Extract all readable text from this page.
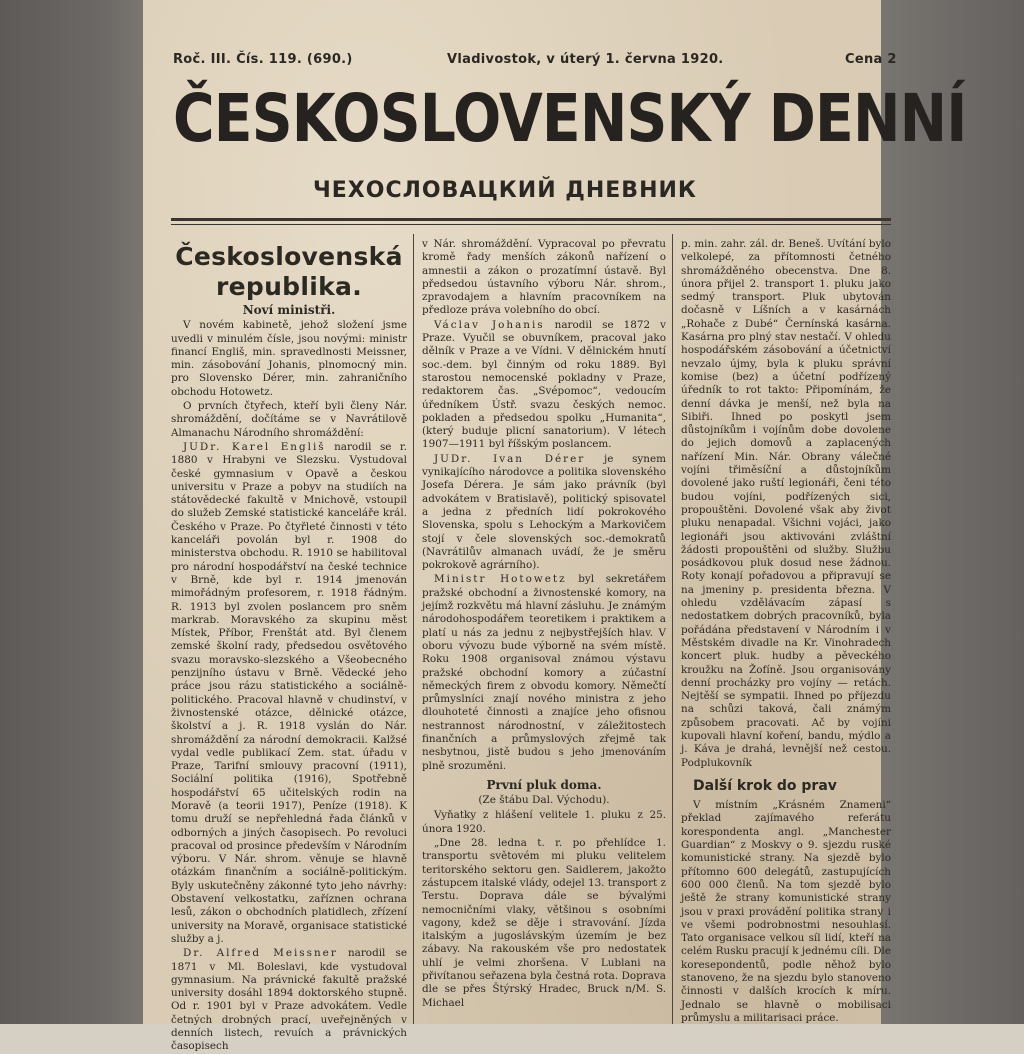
Roč. III. Čís. 119. (690.)	Vladivostok, v úterý 1. června 1920.	Cena 2
ČESKOSLOVENSKÝ DENNÍ
ЧЕХОСЛОВАЦКИЙ ДНЕВНИК
Československá republika.
Noví ministři.

V novém kabinetě, jehož složení jsme uvedli v minulém čísle, jsou novými: ministr financí Engliš, min. spravedlnosti Meissner, min. zásobování Johanis, plnomocný min. pro Slovensko Dérer, min. zahraničního obchodu Hotowetz.

O prvních čtyřech, kteří byli členy Nár. shromáždění, dočítáme se v Navrátilově Almanachu Národního shromáždění:

JUDr. Karel Engliš narodil se r. 1880 v Hrabyni ve Slezsku. Vystudoval české gymnasium v Opavě a českou universitu v Praze a pobyv na studiích na státovědecké fakultě v Mnichově, vstoupil do služeb Zemské statistické kanceláře král. Českého v Praze. Po čtyřleté činnosti v této kanceláři povolán byl r. 1908 do ministerstva obchodu. R. 1910 se habilitoval pro národní hospodářství na české technice v Brně, kde byl r. 1914 jmenován mimořádným profesorem, r. 1918 řádným. R. 1913 byl zvolen poslancem pro sněm markrab. Moravského za skupinu měst Místek, Příbor, Frenštát atd. Byl členem zemské školní rady, předsedou osvětového svazu moravsko-slezského a Všeobecného penzijního ústavu v Brně. Vědecké jeho práce jsou rázu statistického a sociálně-politického. Pracoval hlavně v chudinství, v živnostenské otázce, dělnické otázce, školství a j. R. 1918 vyslán do Nár. shromáždění za národní demokracii. Kalžsé vydal vedle publikací Zem. stat. úřadu v Praze, Tarifní smlouvy pracovní (1911), Sociální politika (1916), Spotřebně hospodářství 65 učitelských rodin na Moravě (a teorii 1917), Peníze (1918). K tomu druží se nepřehledná řada článků v odborných a jiných časopisech. Po revoluci pracoval od prosince především v Národním výboru. V Nár. shrom. věnuje se hlavně otázkám finančním a sociálně-politickým. Byly uskutečněny zákonné tyto jeho návrhy: Obstavení velkostatku, zaříznen ochrana lesů, zákon o obchodních platidlech, zřízení university na Moravě, organisace statistické služby a j.

Dr. Alfred Meissner narodil se 1871 v Ml. Boleslavi, kde vystudoval gymnasium. Na právnické fakultě pražské university dosáhl 1894 doktorského stupně. Od r. 1901 byl v Praze advokátem. Vedle četných drobných prací, uveřejněných v denních listech, revuích a právnických časopisech

v Nár. shromáždění. Vypracoval po převratu kromě řady menších zákonů nařízení o amnestii a zákon o prozatímní ústavě. Byl předsedou ústavního výboru Nár. shrom., zpravodajem a hlavním pracovníkem na předloze práva volebního do obcí.

Václav Johanis narodil se 1872 v Praze. Vyučil se obuvníkem, pracoval jako dělník v Praze a ve Vídni. V dělnickém hnutí soc.-dem. byl činným od roku 1889. Byl starostou nemocenské pokladny v Praze, redaktorem čas. „Svépomoc“, vedoucím úředníkem Ústř. svazu českých nemoc. pokladen a předsedou spolku „Humanita“, (který buduje plicní sanatorium). V létech 1907—1911 byl říšským poslancem.

JUDr. Ivan Dérer je synem vynikajícího národovce a politika slovenského Josefa Dérera. Je sám jako právník (byl advokátem v Bratislavě), politický spisovatel a jedna z předních lidí pokrokového Slovenska, spolu s Lehockým a Markovičem stojí v čele slovenských soc.-demokratů (Navrátilův almanach uvádí, že je směru pokrokově agrárního).

Ministr Hotowetz byl sekretářem pražské obchodní a živnostenské komory, na jejímž rozkvětu má hlavní zásluhu. Je známým národohospodářem teoretikem i praktikem a platí u nás za jednu z nejbystřejších hlav. V oboru vývozu bude výborně na svém místě. Roku 1908 organisoval známou výstavu pražské obchodní komory a zúčastní německých firem z obvodu komory. Němečtí průmyslníci znají nového ministra z jeho dlouhoteté činnosti a znajíce jeho ofisnou nestrannost národnostní, v záležitostech finančních a průmyslových zřejmě tak nesbytnou, jistě budou s jeho jmenováním plně srozuměni.

První pluk doma.
(Ze štábu Dal. Východu).

Vyňatky z hlášení velitele 1. pluku z 25. února 1920.

„Dne 28. ledna t. r. po přehlídce 1. transportu světovém mi pluku velitelem teritorského sektoru gen. Saidlerem, jakožto zástupcem italské vlády, odejel 13. transport z Terstu. Doprava dále se bývalými nemocničními vlaky, většinou s osobními vagony, kdež se děje i stravování. Jízda italským a jugoslávským územím je bez zábavy. Na rakouském vše pro nedostatek uhlí je velmi zhoršena. V Lublani na přivítanou seřazena byla čestná rota. Doprava dle se přes Štýrský Hradec, Bruck n/M. S. Michael

p. min. zahr. zál. dr. Beneš. Uvítání bylo velkolepé, za přítomnosti četného shromážděného obecenstva. Dne 8. února přijel 2. transport 1. pluku jako sedmý transport. Pluk ubytován dočasně v Líšních a v kasárnách „Rohače z Dubé“ Černínská kasárna. Kasárna pro plný stav nestačí. V ohledu hospodářském zásobování a účetnictví nevzalo újmy, byla k pluku správní komise (bez) a účetní podřízený úředník to rot takto: Připomínám, že denní dávka je menší, než byla na Sibiři. Ihned po poskytl jsem důstojníkům i vojínům dobe dovolene do jejich domovů a zaplacených nařízení Min. Nár. Obrany válečné vojíni třiměsíční a důstojníkům dovolené jako ruští legionáři, čeni této budou vojíni, podřízených sici, propouštěni. Dovolené však aby život pluku nenapadal. Všichni vojáci, jako legionáři jsou aktivováni zvláštní žádosti propouštěni od služby. Službu posádkovou pluk dosud nese žádnou. Roty konají pořadovou a připravují se na jmeniny p. presidenta března. V ohledu vzdělávacím zápasí s nedostatkem dobrých pracovníků, byla pořádána představení v Národním i v Městském divadle na Kr. Vinohradech koncert pluk. hudby a pěveckého kroužku na Žofíně. Jsou organisovány denní procházky pro vojíny — retách. Nejtěší se sympatii. Ihned po příjezdu na schůzi taková, čali známým způsobem pracovati. Ač by vojíni kupovali hlavní koření, bandu, mýdlo a j. Káva je drahá, levnější než cestou. Podplukovník

Další krok do prav

V místním „Krásném Znameni“ překlad zajímavého referátu korespondenta angl. „Manchester Guardian“ z Moskvy o 9. sjezdu ruské komunistické strany. Na sjezdě bylo přítomno 600 delegátů, zastupujících 600 000 členů. Na tom sjezdě bylo ještě že strany komunistické strany jsou v praxi provádění politika strany i ve všemi podrobnostmi nesouhlasí. Tato organisace velkou síl lidí, kteří na celém Rusku pracují k jednému cíli. Dle koresepondentů, podle něhož bylo stanoveno, že na sjezdu bylo stanoveno činnosti v dalších krocích k míru. Jednalo se hlavně o mobilisaci průmyslu a militarisaci práce.
